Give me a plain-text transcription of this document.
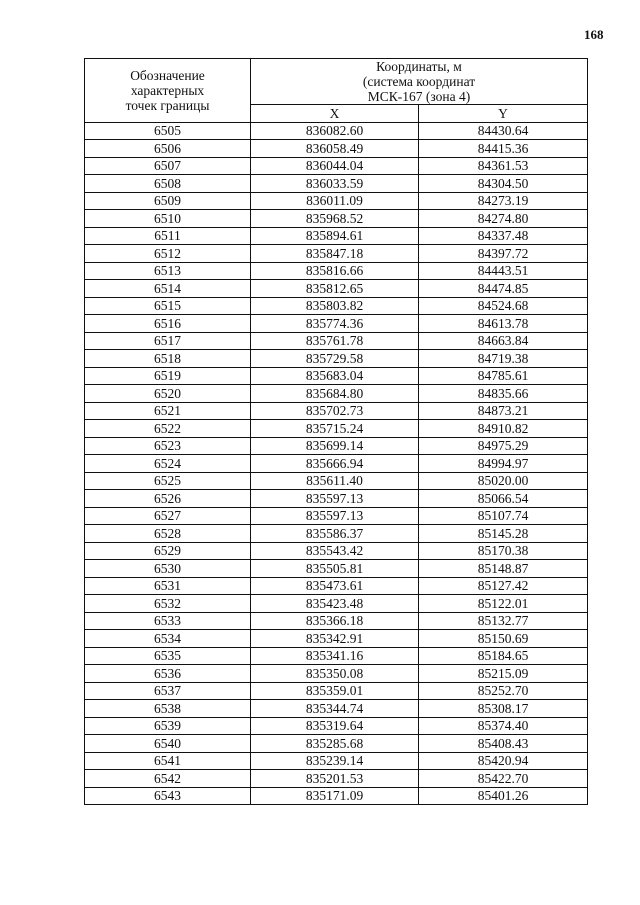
168
Обозначение
характерных
точек границы	Координаты, м
(система координат
МСК-167 (зона 4)	

	X	Y
6505	836082.60	84430.64
6506	836058.49	84415.36
6507	836044.04	84361.53
6508	836033.59	84304.50
6509	836011.09	84273.19
6510	835968.52	84274.80
6511	835894.61	84337.48
6512	835847.18	84397.72
6513	835816.66	84443.51
6514	835812.65	84474.85
6515	835803.82	84524.68
6516	835774.36	84613.78
6517	835761.78	84663.84
6518	835729.58	84719.38
6519	835683.04	84785.61
6520	835684.80	84835.66
6521	835702.73	84873.21
6522	835715.24	84910.82
6523	835699.14	84975.29
6524	835666.94	84994.97
6525	835611.40	85020.00
6526	835597.13	85066.54
6527	835597.13	85107.74
6528	835586.37	85145.28
6529	835543.42	85170.38
6530	835505.81	85148.87
6531	835473.61	85127.42
6532	835423.48	85122.01
6533	835366.18	85132.77
6534	835342.91	85150.69
6535	835341.16	85184.65
6536	835350.08	85215.09
6537	835359.01	85252.70
6538	835344.74	85308.17
6539	835319.64	85374.40
6540	835285.68	85408.43
6541	835239.14	85420.94
6542	835201.53	85422.70
6543	835171.09	85401.26
